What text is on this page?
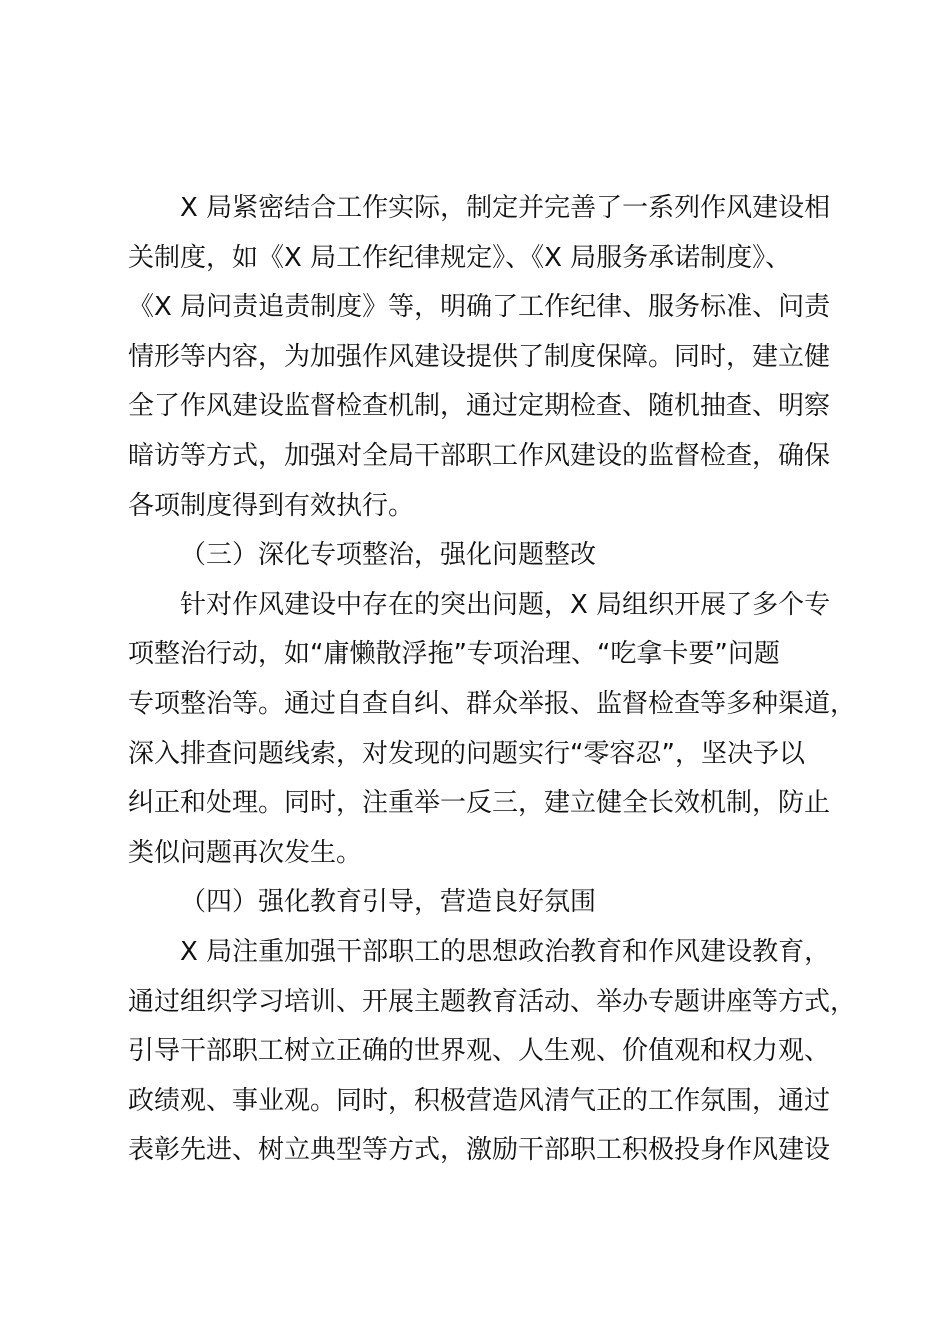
X 局紧密结合工作实际，制定并完善了一系列作风建设相
关制度，如《X 局工作纪律规定》、《X 局服务承诺制度》、
《X 局问责追责制度》等，明确了工作纪律、服务标准、问责
情形等内容，为加强作风建设提供了制度保障。同时，建立健
全了作风建设监督检查机制，通过定期检查、随机抽查、明察
暗访等方式，加强对全局干部职工作风建设的监督检查，确保
各项制度得到有效执行。
（三）深化专项整治，强化问题整改
针对作风建设中存在的突出问题，X 局组织开展了多个专
项整治行动，如“庸懒散浮拖”专项治理、“吃拿卡要”问题
专项整治等。通过自查自纠、群众举报、监督检查等多种渠道，
深入排查问题线索，对发现的问题实行“零容忍”，坚决予以
纠正和处理。同时，注重举一反三，建立健全长效机制，防止
类似问题再次发生。
（四）强化教育引导，营造良好氛围
X 局注重加强干部职工的思想政治教育和作风建设教育，
通过组织学习培训、开展主题教育活动、举办专题讲座等方式，
引导干部职工树立正确的世界观、人生观、价值观和权力观、
政绩观、事业观。同时，积极营造风清气正的工作氛围，通过
表彰先进、树立典型等方式，激励干部职工积极投身作风建设
